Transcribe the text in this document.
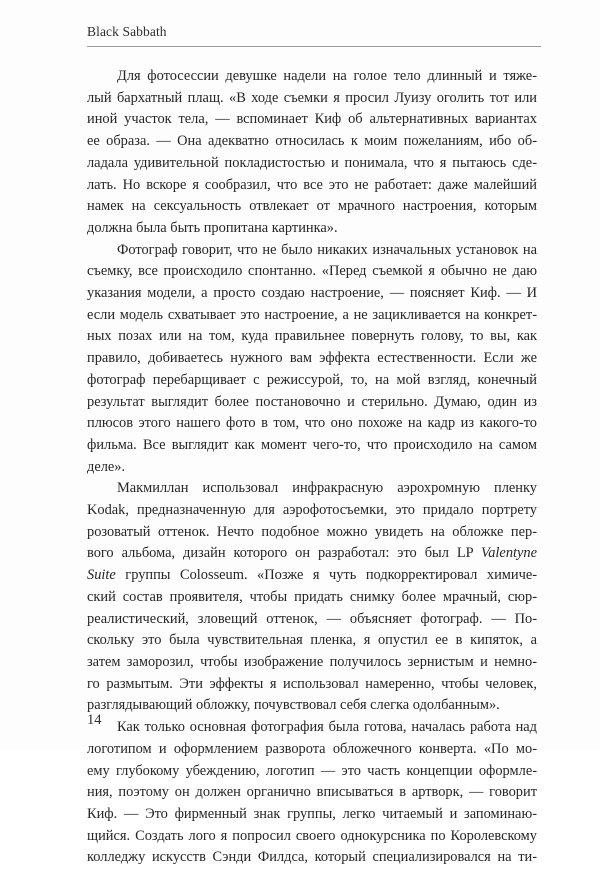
Black Sabbath

Для фотосессии девушке надели на голое тело длинный и тяже-
лый бархатный плащ. «В ходе съемки я просил Луизу оголить тот или
иной участок тела, — вспоминает Киф об альтернативных вариантах
ее образа. — Она адекватно относилась к моим пожеланиям, ибо об-
ладала удивительной покладистостью и понимала, что я пытаюсь сде-
лать. Но вскоре я сообразил, что все это не работает: даже малейший
намек на сексуальность отвлекает от мрачного настроения, которым
должна была быть пропитана картинка».

Фотограф говорит, что не было никаких изначальных установок на
съемку, все происходило спонтанно. «Перед съемкой я обычно не даю
указания модели, а просто создаю настроение, — поясняет Киф. — И
если модель схватывает это настроение, а не зацикливается на конкрет-
ных позах или на том, куда правильнее повернуть голову, то вы, как
правило, добиваетесь нужного вам эффекта естественности. Если же
фотограф перебарщивает с режиссурой, то, на мой взгляд, конечный
результат выглядит более постановочно и стерильно. Думаю, один из
плюсов этого нашего фото в том, что оно похоже на кадр из какого-то
фильма. Все выглядит как момент чего-то, что происходило на самом
деле».

Макмиллан использовал инфракрасную аэрохромную пленку
Kodak, предназначенную для аэрофотосъемки, это придало портрету
розоватый оттенок. Нечто подобное можно увидеть на обложке пер-
вого альбома, дизайн которого он разработал: это был LP Valentyne
Suite группы Colosseum. «Позже я чуть подкорректировал химиче-
ский состав проявителя, чтобы придать снимку более мрачный, сюр-
реалистический, зловещий оттенок, — объясняет фотограф. — По-
скольку это была чувствительная пленка, я опустил ее в кипяток, а
затем заморозил, чтобы изображение получилось зернистым и немно-
го размытым. Эти эффекты я использовал намеренно, чтобы человек,
разглядывающий обложку, почувствовал себя слегка одолбанным».

Как только основная фотография была готова, началась работа над
логотипом и оформлением разворота обложечного конверта. «По мо-
ему глубокому убеждению, логотип — это часть концепции оформле-
ния, поэтому он должен органично вписываться в артворк, — говорит
Киф. — Это фирменный знак группы, легко читаемый и запоминаю-
щийся. Создать лого я попросил своего однокурсника по Королевскому
колледжу искусств Сэнди Филдса, который специализировался на ти-

14
